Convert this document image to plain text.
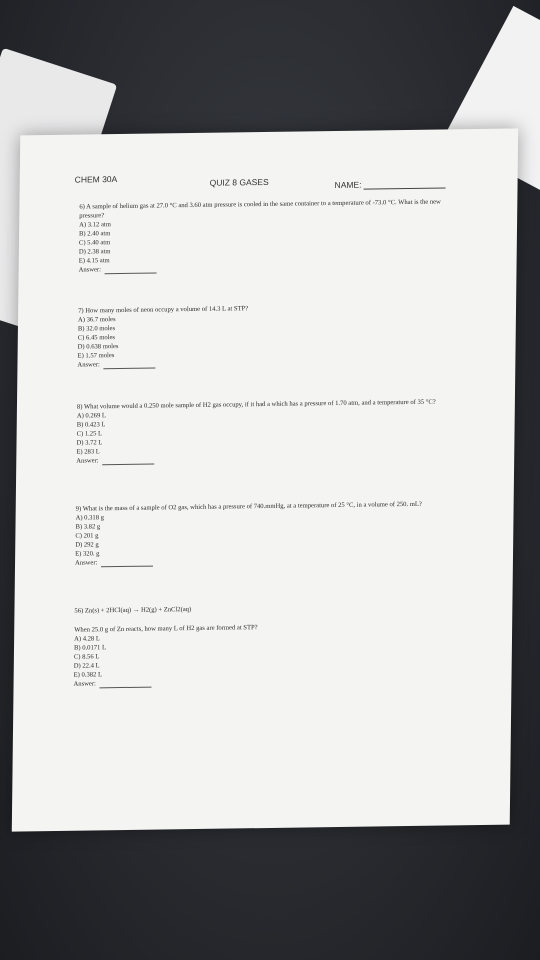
CHEM 30A	QUIZ 8 GASES	NAME:

6) A sample of helium gas at 27.0 °C and 3.60 atm pressure is cooled in the same container to a temperature of -73.0 °C. What is the new pressure?

A) 3.12 atm

B) 2.40 atm

C) 5.40 atm

D) 2.38 atm

E) 4.15 atm

Answer:

7) How many moles of neon occupy a volume of 14.3 L at STP?

A) 36.7 moles

B) 32.0 moles

C) 6.45 moles

D) 0.638 moles

E) 1.57 moles

Answer:

8) What volume would a 0.250 mole sample of H2 gas occupy, if it had a which has a pressure of 1.70 atm, and a temperature of 35 °C?

A) 0.269 L

B) 0.423 L

C) 1.25 L

D) 3.72 L

E) 283 L

Answer:

9) What is the mass of a sample of O2 gas, which has a pressure of 740.mmHg, at a temperature of 25 °C, in a volume of 250. mL?

A) 0.318 g

B) 3.82 g

C) 201 g

D) 292 g

E) 320. g

Answer:

56) Zn(s) + 2HCl(aq) → H2(g) + ZnCl2(aq)

When 25.0 g of Zn reacts, how many L of H2 gas are formed at STP?

A) 4.28 L

B) 0.0171 L

C) 8.56 L

D) 22.4 L

E) 0.382 L

Answer:
